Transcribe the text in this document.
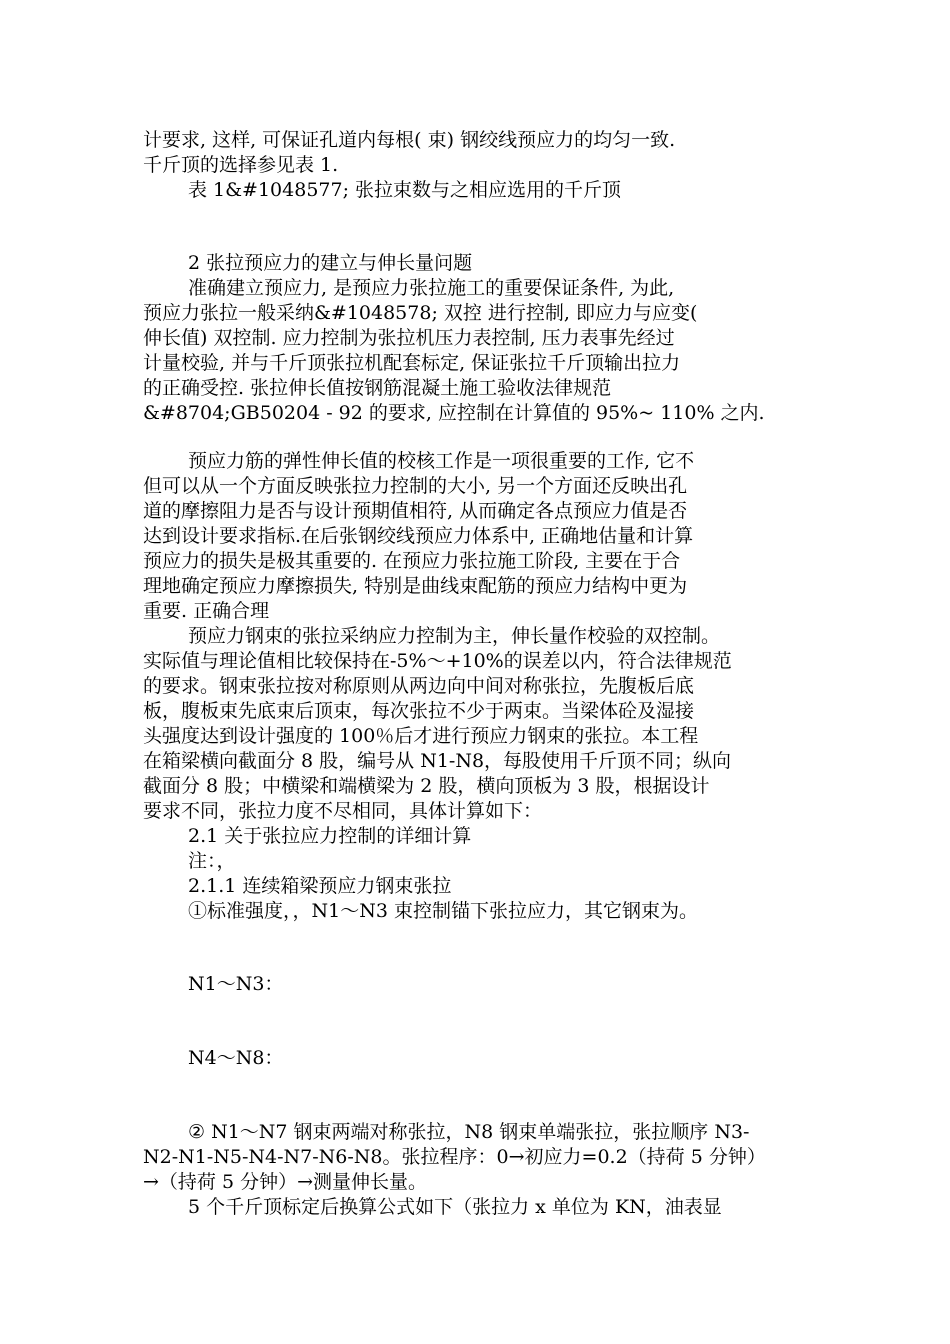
计要求, 这样, 可保证孔道内每根( 束) 钢绞线预应力的均匀一致.
千斤顶的选择参见表 1.
表 1&#1048577; 张拉束数与之相应选用的千斤顶
2 张拉预应力的建立与伸长量问题
准确建立预应力, 是预应力张拉施工的重要保证条件, 为此,
预应力张拉一般采纳&#1048578; 双控 进行控制, 即应力与应变(
伸长值) 双控制. 应力控制为张拉机压力表控制, 压力表事先经过
计量校验, 并与千斤顶张拉机配套标定, 保证张拉千斤顶输出拉力
的正确受控. 张拉伸长值按钢筋混凝土施工验收法律规范
&#8704;GB50204 - 92 的要求, 应控制在计算值的 95%~ 110% 之内.
预应力筋的弹性伸长值的校核工作是一项很重要的工作, 它不
但可以从一个方面反映张拉力控制的大小, 另一个方面还反映出孔
道的摩擦阻力是否与设计预期值相符, 从而确定各点预应力值是否
达到设计要求指标.在后张钢绞线预应力体系中, 正确地估量和计算
预应力的损失是极其重要的. 在预应力张拉施工阶段, 主要在于合
理地确定预应力摩擦损失, 特别是曲线束配筋的预应力结构中更为
重要. 正确合理
预应力钢束的张拉采纳应力控制为主，伸长量作校验的双控制。
实际值与理论值相比较保持在-5%～+10%的误差以内，符合法律规范
的要求。钢束张拉按对称原则从两边向中间对称张拉，先腹板后底
板，腹板束先底束后顶束，每次张拉不少于两束。当梁体砼及湿接
头强度达到设计强度的 100％后才进行预应力钢束的张拉。本工程
在箱梁横向截面分 8 股，编号从 N1-N8，每股使用千斤顶不同；纵向
截面分 8 股；中横梁和端横梁为 2 股，横向顶板为 3 股，根据设计
要求不同，张拉力度不尽相同，具体计算如下：
2.1 关于张拉应力控制的详细计算
注：，
2.1.1 连续箱梁预应力钢束张拉
①标准强度，，N1～N3 束控制锚下张拉应力，其它钢束为。
N1～N3：
N4～N8：
② N1～N7 钢束两端对称张拉，N8 钢束单端张拉，张拉顺序 N3-
N2-N1-N5-N4-N7-N6-N8。张拉程序：0→初应力=0.2（持荷 5 分钟）
→（持荷 5 分钟）→测量伸长量。
5 个千斤顶标定后换算公式如下（张拉力 x 单位为 KN，油表显
